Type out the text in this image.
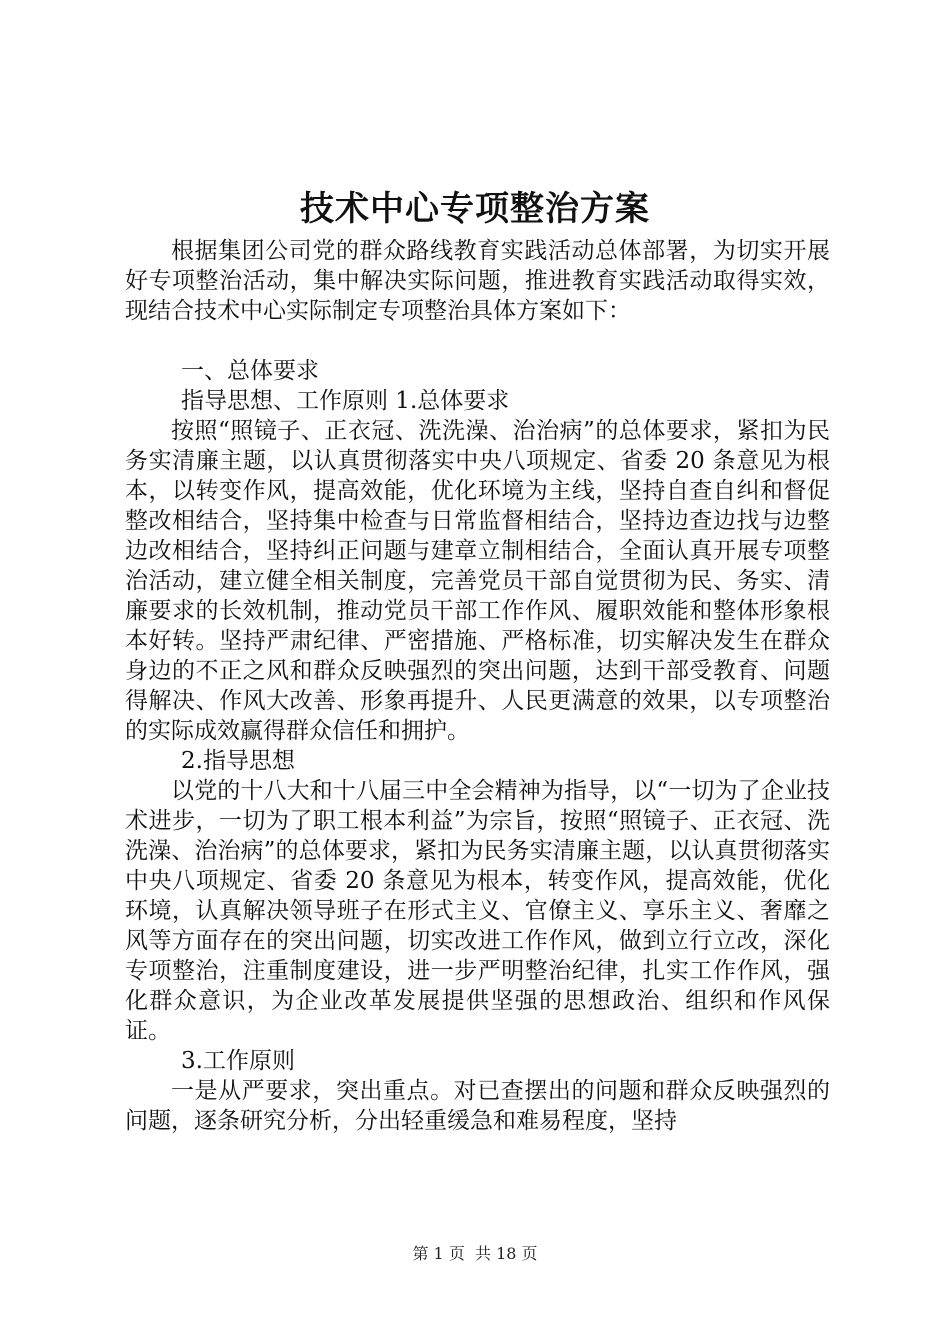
技术中心专项整治方案

根据集团公司党的群众路线教育实践活动总体部署，为切实开展好专项整治活动，集中解决实际问题，推进教育实践活动取得实效，现结合技术中心实际制定专项整治具体方案如下：

一、总体要求

指导思想、工作原则 1.总体要求

按照“照镜子、正衣冠、洗洗澡、治治病”的总体要求，紧扣为民务实清廉主题，以认真贯彻落实中央八项规定、省委 20 条意见为根本，以转变作风，提高效能，优化环境为主线，坚持自查自纠和督促整改相结合，坚持集中检查与日常监督相结合，坚持边查边找与边整边改相结合，坚持纠正问题与建章立制相结合，全面认真开展专项整治活动，建立健全相关制度，完善党员干部自觉贯彻为民、务实、清廉要求的长效机制，推动党员干部工作作风、履职效能和整体形象根本好转。坚持严肃纪律、严密措施、严格标准，切实解决发生在群众身边的不正之风和群众反映强烈的突出问题，达到干部受教育、问题得解决、作风大改善、形象再提升、人民更满意的效果，以专项整治的实际成效赢得群众信任和拥护。

2.指导思想

以党的十八大和十八届三中全会精神为指导，以“一切为了企业技术进步，一切为了职工根本利益”为宗旨，按照“照镜子、正衣冠、洗洗澡、治治病”的总体要求，紧扣为民务实清廉主题，以认真贯彻落实中央八项规定、省委 20 条意见为根本，转变作风，提高效能，优化环境，认真解决领导班子在形式主义、官僚主义、享乐主义、奢靡之风等方面存在的突出问题，切实改进工作作风，做到立行立改，深化专项整治，注重制度建设，进一步严明整治纪律，扎实工作作风，强化群众意识，为企业改革发展提供坚强的思想政治、组织和作风保证。

3.工作原则

一是从严要求，突出重点。对已查摆出的问题和群众反映强烈的问题，逐条研究分析，分出轻重缓急和难易程度，坚持

第 1 页  共 18 页
